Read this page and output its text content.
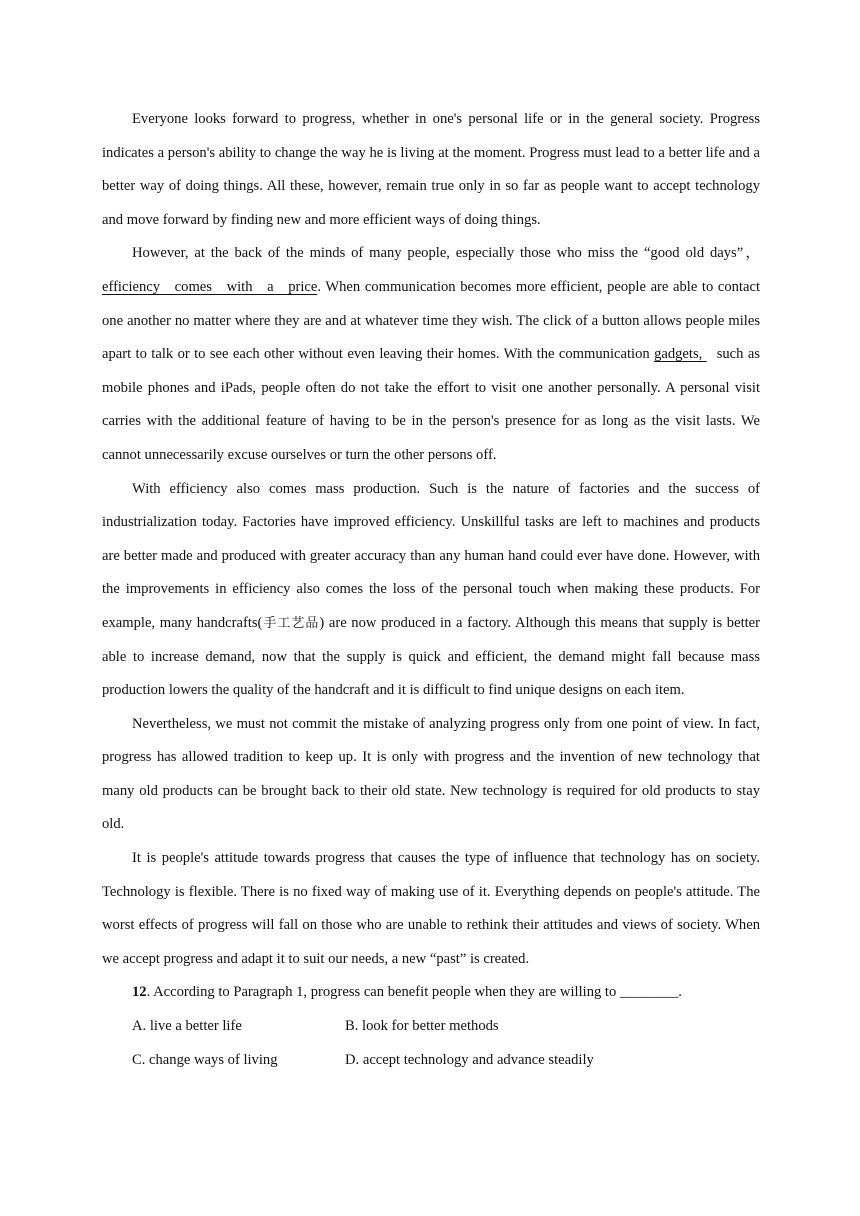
Everyone looks forward to progress, whether in one's personal life or in the general society. Progress indicates a person's ability to change the way he is living at the moment. Progress must lead to a better life and a better way of doing things. All these, however, remain true only in so far as people want to accept technology and move forward by finding new and more efficient ways of doing things.

However, at the back of the minds of many people, especially those who miss the “good old days”，efficiency comes with a price. When communication becomes more efficient, people are able to contact one another no matter where they are and at whatever time they wish. The click of a button allows people miles apart to talk or to see each other without even leaving their homes. With the communication gadgets, such as mobile phones and iPads, people often do not take the effort to visit one another personally. A personal visit carries with the additional feature of having to be in the person's presence for as long as the visit lasts. We cannot unnecessarily excuse ourselves or turn the other persons off.

With efficiency also comes mass production. Such is the nature of factories and the success of industrialization today. Factories have improved efficiency. Unskillful tasks are left to machines and products are better made and produced with greater accuracy than any human hand could ever have done. However, with the improvements in efficiency also comes the loss of the personal touch when making these products. For example, many handcrafts(手工艺品) are now produced in a factory. Although this means that supply is better able to increase demand, now that the supply is quick and efficient, the demand might fall because mass production lowers the quality of the handcraft and it is difficult to find unique designs on each item.

Nevertheless, we must not commit the mistake of analyzing progress only from one point of view. In fact, progress has allowed tradition to keep up. It is only with progress and the invention of new technology that many old products can be brought back to their old state. New technology is required for old products to stay old.

It is people's attitude towards progress that causes the type of influence that technology has on society. Technology is flexible. There is no fixed way of making use of it. Everything depends on people's attitude. The worst effects of progress will fall on those who are unable to rethink their attitudes and views of society. When we accept progress and adapt it to suit our needs, a new “past” is created.

12. According to Paragraph 1, progress can benefit people when they are willing to ________.

A. live a better life	B. look for better methods
C. change ways of living	D. accept technology and advance steadily
